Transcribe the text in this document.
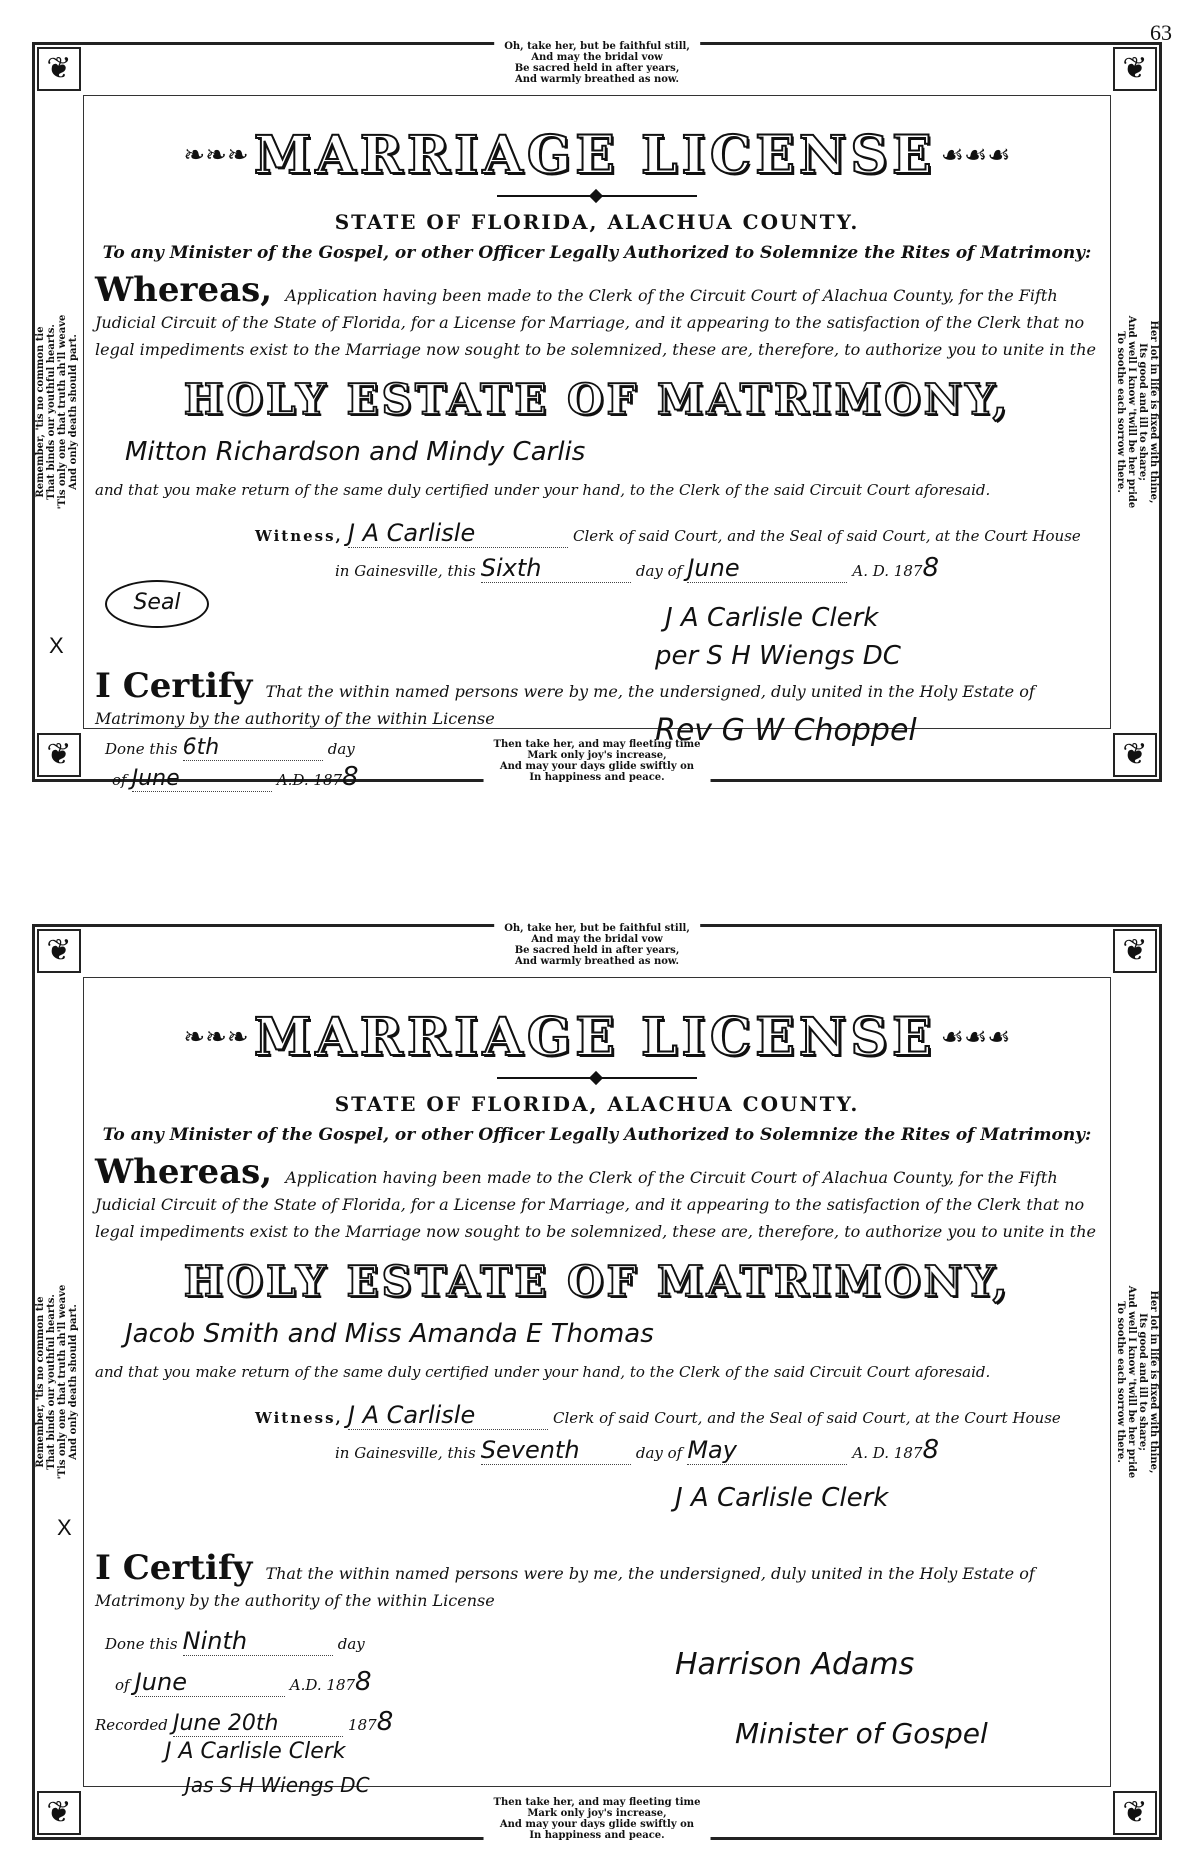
63
❦	❦
❦	❦
Oh, take her, but be faithful still,
And may the bridal vow
Be sacred held in after years,
And warmly breathed as now.
Then take her, and may fleeting time
Mark only joy's increase,
And may your days glide swiftly on
In happiness and peace.
Remember, 'tis no common tie
That binds our youthful hearts.
'Tis only one that truth ah'll weave
And only death should part.
Her lot in life is fixed with thine,
Its good and ill to share;
And well I know 'twill be her pride
To soothe each sorrow there.
❧❧❧ MARRIAGE LICENSE ☙☙☙
STATE OF FLORIDA, ALACHUA COUNTY.
To any Minister of the Gospel, or other Officer Legally Authorized to Solemnize the Rites of Matrimony:
Whereas, Application having been made to the Clerk of the Circuit Court of Alachua County, for the Fifth Judicial Circuit of the State of Florida, for a License for Marriage, and it appearing to the satisfaction of the Clerk that no legal impediments exist to the Marriage now sought to be solemnized, these are, therefore, to authorize you to unite in the
HOLY ESTATE OF MATRIMONY,
Mitton Richardson and Mindy Carlis
and that you make return of the same duly certified under your hand, to the Clerk of the said Circuit Court aforesaid.
Witness, J A Carlisle	Clerk of said Court, and the Seal of said Court, at the Court House
in Gainesville, this Sixth	day of June	A. D. 1878
Seal
J A Carlisle Clerk
per S H Wiengs DC
X
I Certify That the within named persons were by me, the undersigned, duly united in the Holy Estate of Matrimony by the authority of the within License
Done this 6th	day
Rev G W Choppel
❦	❦
❦	❦
Oh, take her, but be faithful still,
And may the bridal vow
Be sacred held in after years,
And warmly breathed as now.
Then take her, and may fleeting time
Mark only joy's increase,
And may your days glide swiftly on
In happiness and peace.
Remember, 'tis no common tie
That binds our youthful hearts.
'Tis only one that truth ah'll weave
And only death should part.
Her lot in life is fixed with thine,
Its good and ill to share;
And well I know 'twill be her pride
To soothe each sorrow there.
❧❧❧ MARRIAGE LICENSE ☙☙☙
STATE OF FLORIDA, ALACHUA COUNTY.
To any Minister of the Gospel, or other Officer Legally Authorized to Solemnize the Rites of Matrimony:
Whereas, Application having been made to the Clerk of the Circuit Court of Alachua County, for the Fifth Judicial Circuit of the State of Florida, for a License for Marriage, and it appearing to the satisfaction of the Clerk that no legal impediments exist to the Marriage now sought to be solemnized, these are, therefore, to authorize you to unite in the
HOLY ESTATE OF MATRIMONY,
Jacob Smith and Miss Amanda E Thomas
and that you make return of the same duly certified under your hand, to the Clerk of the said Circuit Court aforesaid.
Witness, J A Carlisle	Clerk of said Court, and the Seal of said Court, at the Court House
in Gainesville, this Seventh	day of May	A. D. 1878
J A Carlisle Clerk
X
I Certify That the within named persons were by me, the undersigned, duly united in the Holy Estate of Matrimony by the authority of the within License
Done this Ninth	day
of June	A.D. 1878
Recorded June 20th	1878
J A Carlisle Clerk
Jas S H Wiengs DC
Harrison Adams
Minister of Gospel
of June	A.D. 1878
